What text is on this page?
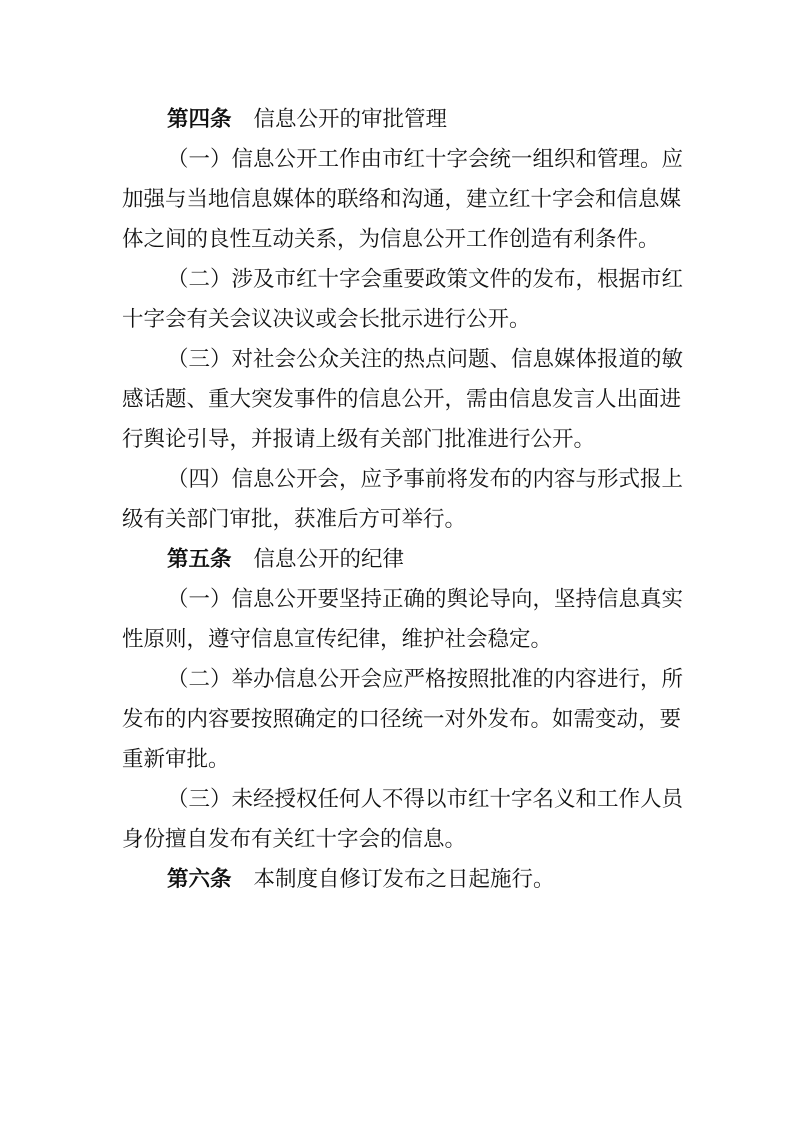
第四条 信息公开的审批管理
（一）信息公开工作由市红十字会统一组织和管理。应
加强与当地信息媒体的联络和沟通，建立红十字会和信息媒
体之间的良性互动关系，为信息公开工作创造有利条件。
（二）涉及市红十字会重要政策文件的发布，根据市红
十字会有关会议决议或会长批示进行公开。
（三）对社会公众关注的热点问题、信息媒体报道的敏
感话题、重大突发事件的信息公开，需由信息发言人出面进
行舆论引导，并报请上级有关部门批准进行公开。
（四）信息公开会，应予事前将发布的内容与形式报上
级有关部门审批，获准后方可举行。
第五条 信息公开的纪律
（一）信息公开要坚持正确的舆论导向，坚持信息真实
性原则，遵守信息宣传纪律，维护社会稳定。
（二）举办信息公开会应严格按照批准的内容进行，所
发布的内容要按照确定的口径统一对外发布。如需变动，要
重新审批。
（三）未经授权任何人不得以市红十字名义和工作人员
身份擅自发布有关红十字会的信息。
第六条 本制度自修订发布之日起施行。
